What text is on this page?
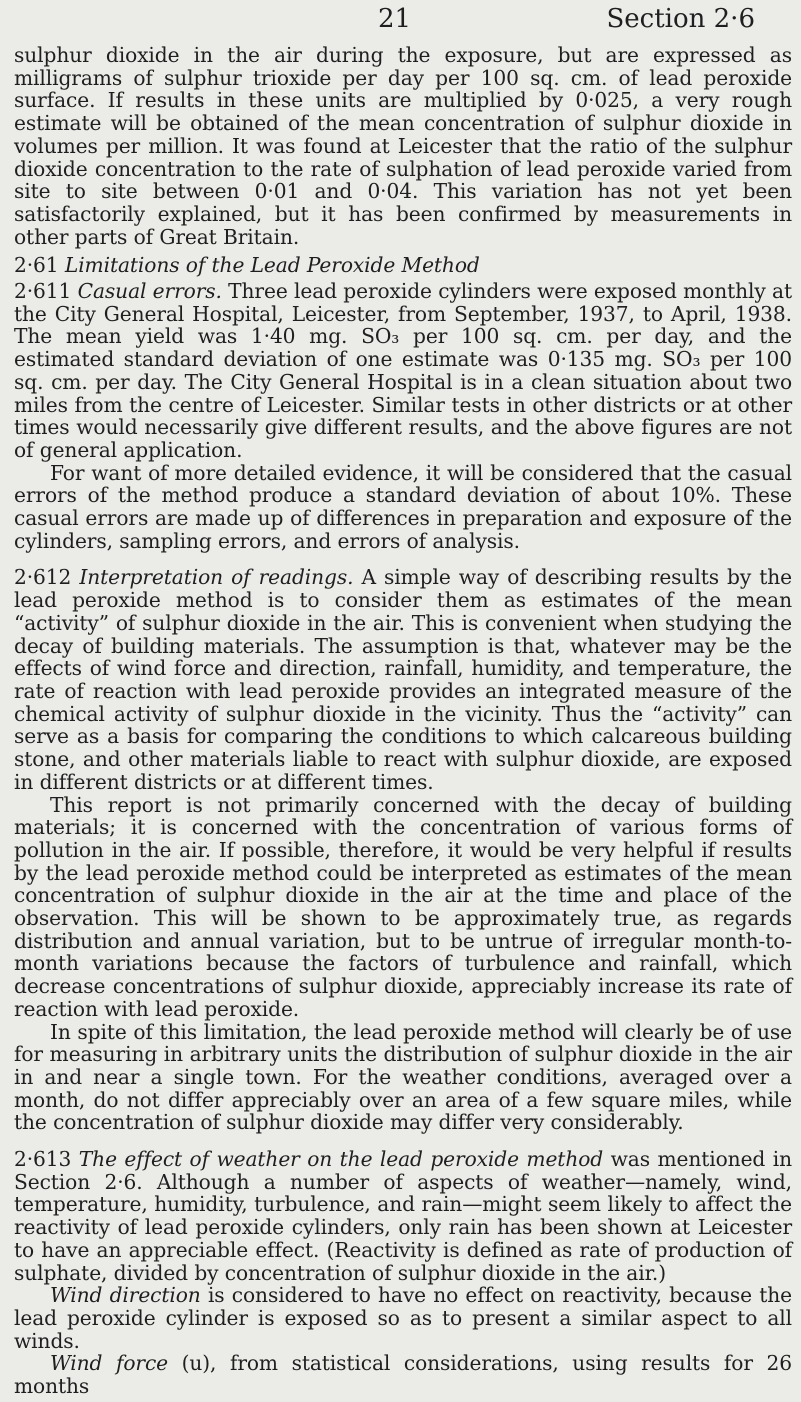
21	Section 2·6

sulphur dioxide in the air during the exposure, but are expressed as milligrams of sulphur trioxide per day per 100 sq. cm. of lead peroxide surface. If results in these units are multiplied by 0·025, a very rough estimate will be obtained of the mean concentration of sulphur dioxide in volumes per million. It was found at Leicester that the ratio of the sulphur dioxide concentration to the rate of sulphation of lead peroxide varied from site to site between 0·01 and 0·04. This variation has not yet been satisfactorily explained, but it has been confirmed by measurements in other parts of Great Britain.

2·61 Limitations of the Lead Peroxide Method

2·611 Casual errors. Three lead peroxide cylinders were exposed monthly at the City General Hospital, Leicester, from September, 1937, to April, 1938. The mean yield was 1·40 mg. SO₃ per 100 sq. cm. per day, and the estimated standard deviation of one estimate was 0·135 mg. SO₃ per 100 sq. cm. per day. The City General Hospital is in a clean situation about two miles from the centre of Leicester. Similar tests in other districts or at other times would necessarily give different results, and the above figures are not of general application.

For want of more detailed evidence, it will be considered that the casual errors of the method produce a standard deviation of about 10%. These casual errors are made up of differences in preparation and exposure of the cylinders, sampling errors, and errors of analysis.

2·612 Interpretation of readings. A simple way of describing results by the lead peroxide method is to consider them as estimates of the mean “activity” of sulphur dioxide in the air. This is convenient when studying the decay of building materials. The assumption is that, whatever may be the effects of wind force and direction, rainfall, humidity, and temperature, the rate of reaction with lead peroxide provides an integrated measure of the chemical activity of sulphur dioxide in the vicinity. Thus the “activity” can serve as a basis for comparing the conditions to which calcareous building stone, and other materials liable to react with sulphur dioxide, are exposed in different districts or at different times.

This report is not primarily concerned with the decay of building materials; it is concerned with the concentration of various forms of pollution in the air. If possible, therefore, it would be very helpful if results by the lead peroxide method could be interpreted as estimates of the mean concentration of sulphur dioxide in the air at the time and place of the observation. This will be shown to be approximately true, as regards distribution and annual variation, but to be untrue of irregular month-to-month variations because the factors of turbulence and rainfall, which decrease concentrations of sulphur dioxide, appreciably increase its rate of reaction with lead peroxide.

In spite of this limitation, the lead peroxide method will clearly be of use for measuring in arbitrary units the distribution of sulphur dioxide in the air in and near a single town. For the weather conditions, averaged over a month, do not differ appreciably over an area of a few square miles, while the concentration of sulphur dioxide may differ very considerably.

2·613 The effect of weather on the lead peroxide method was mentioned in Section 2·6. Although a number of aspects of weather—namely, wind, temperature, humidity, turbulence, and rain—might seem likely to affect the reactivity of lead peroxide cylinders, only rain has been shown at Leicester to have an appreciable effect. (Reactivity is defined as rate of production of sulphate, divided by concentration of sulphur dioxide in the air.)

Wind direction is considered to have no effect on reactivity, because the lead peroxide cylinder is exposed so as to present a similar aspect to all winds.

Wind force (u), from statistical considerations, using results for 26 months
